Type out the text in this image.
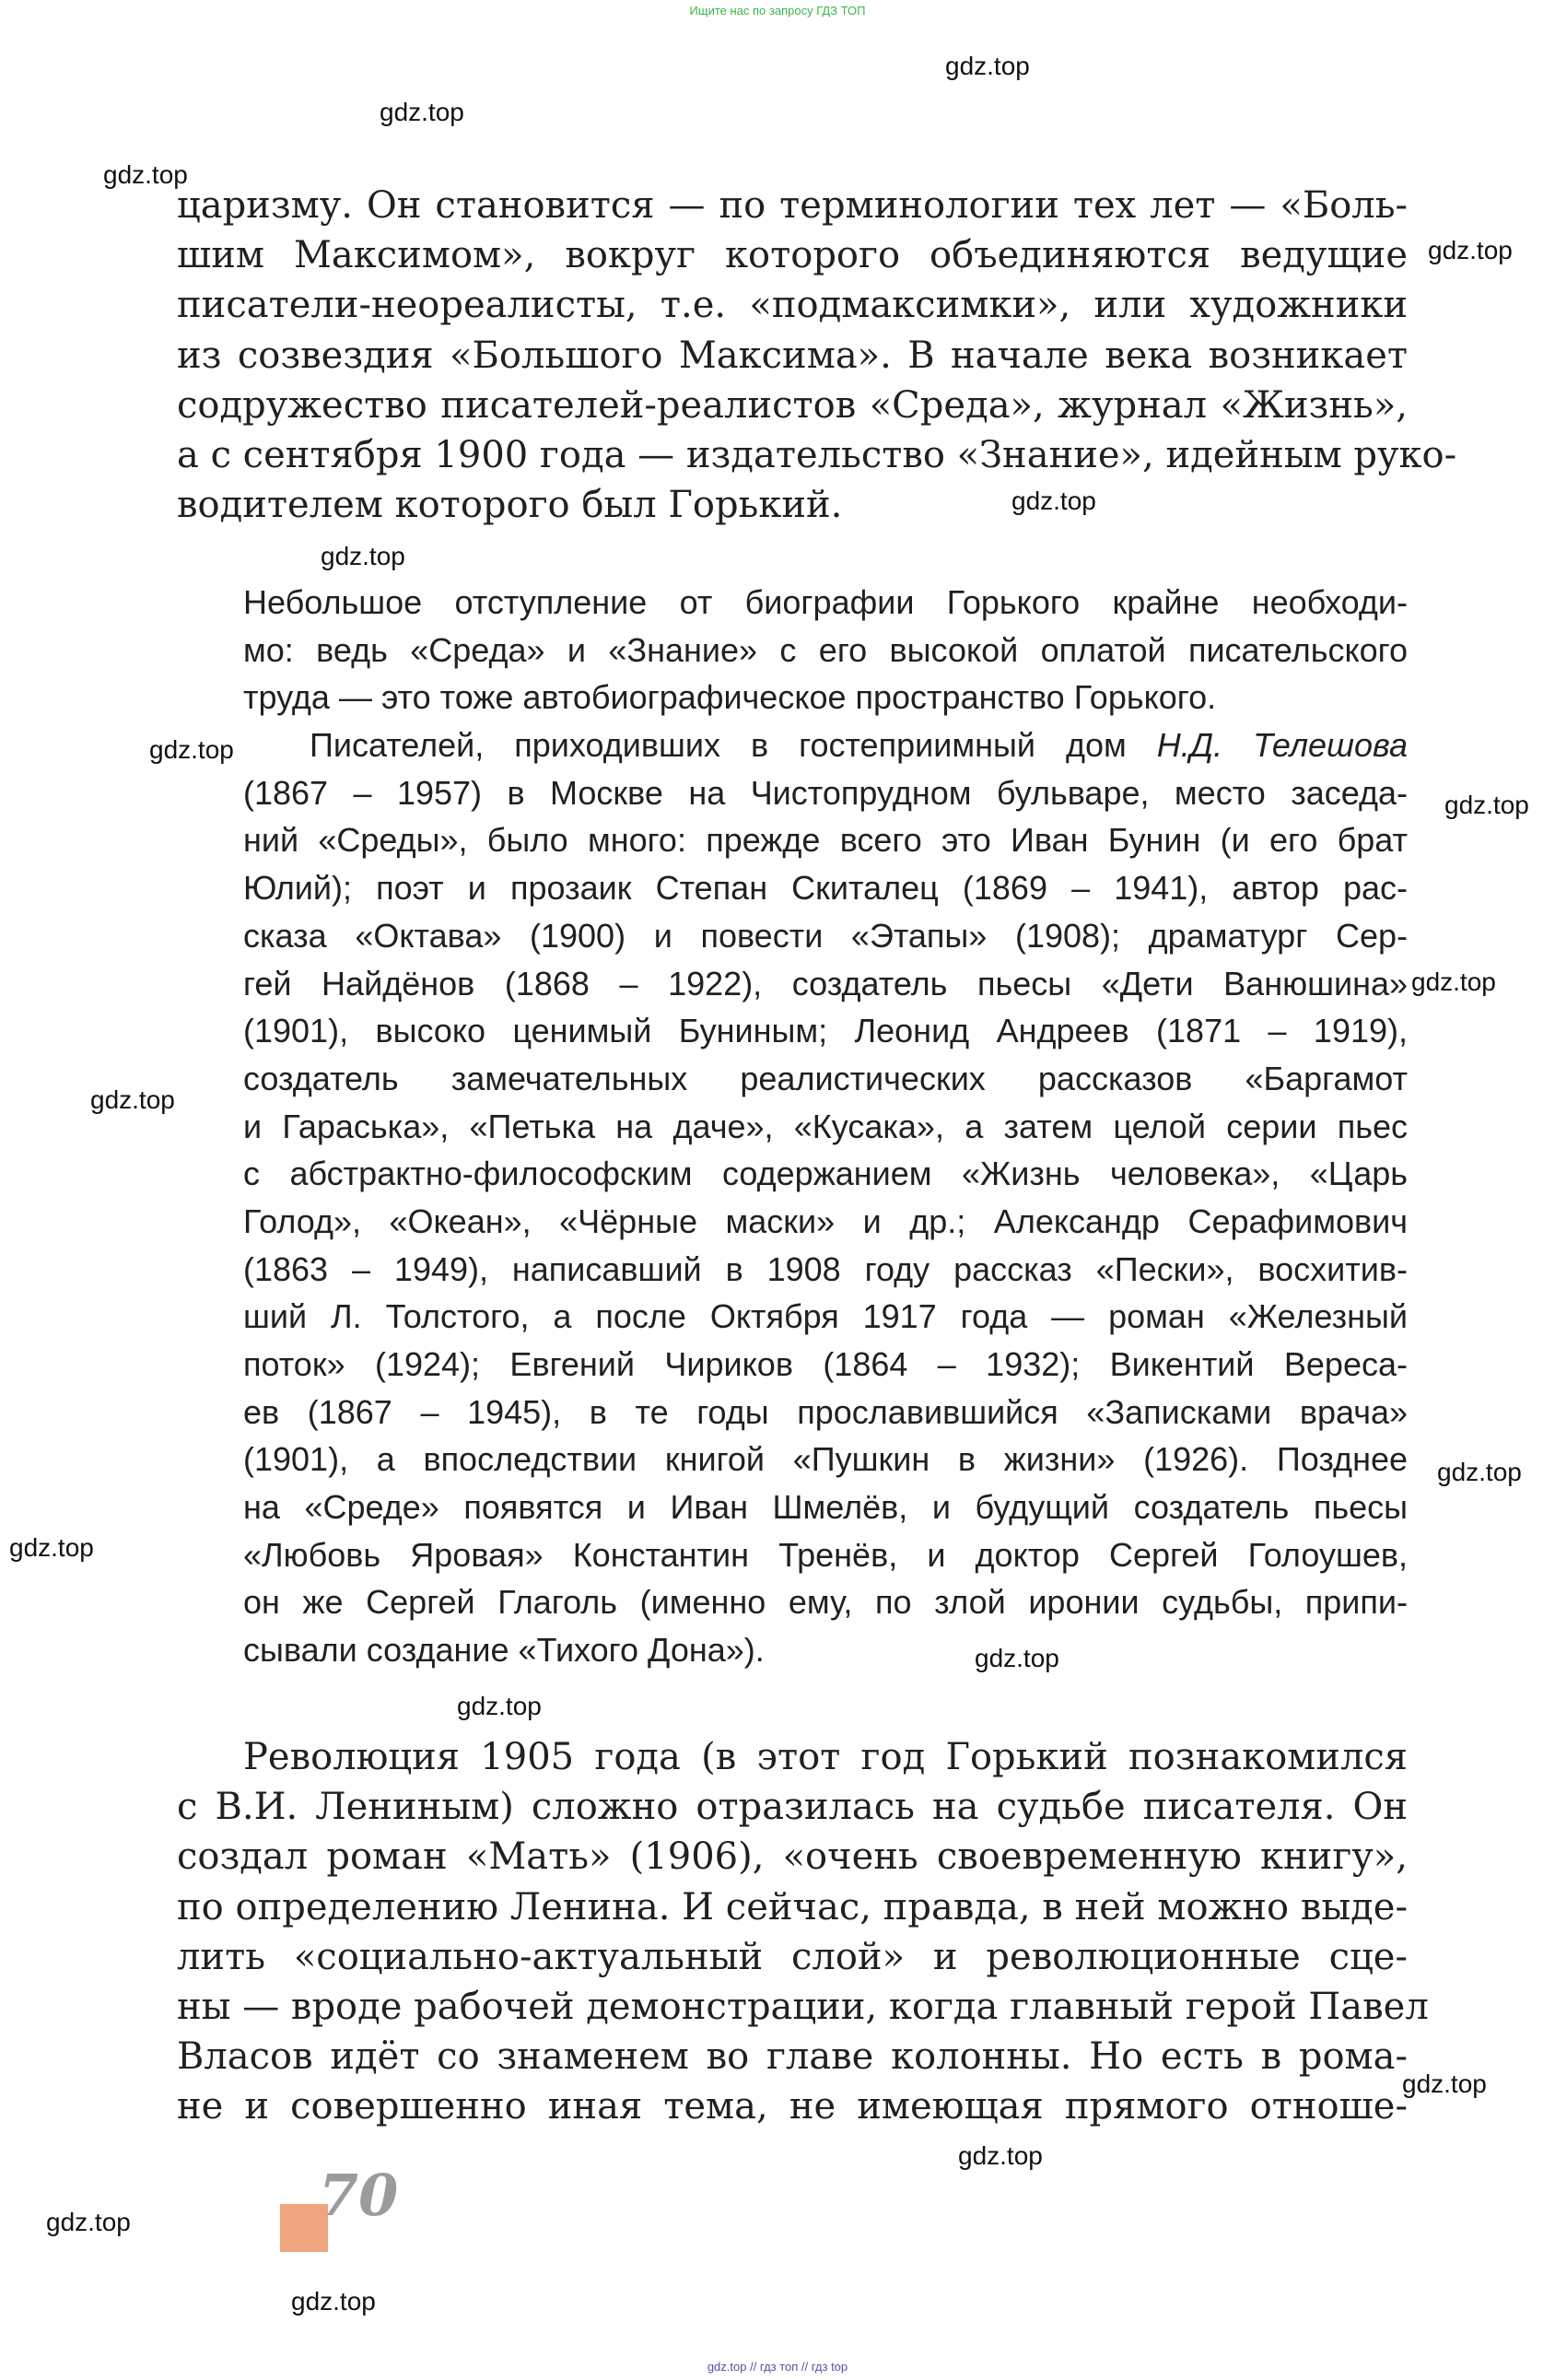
Ищите нас по запросу ГДЗ ТОП
gdz.top
gdz.top
gdz.top
gdz.top
gdz.top
gdz.top
gdz.top
gdz.top
gdz.top
gdz.top
gdz.top
gdz.top
gdz.top
gdz.top
gdz.top
gdz.top
gdz.top
gdz.top
царизму. Он становится — по терминологии тех лет — «Боль-
шим Максимом», вокруг которого объединяются ведущие
писатели-неореалисты, т.е. «подмаксимки», или художники
из созвездия «Большого Максима». В начале века возникает
содружество писателей-реалистов «Среда», журнал «Жизнь»,
а с сентября 1900 года — издательство «Знание», идейным руко-
водителем которого был Горький.
Небольшое отступление от биографии Горького крайне необходи-
мо: ведь «Среда» и «Знание» с его высокой оплатой писательского
труда — это тоже автобиографическое пространство Горького.
Писателей, приходивших в гостеприимный дом Н.Д. Телешова
(1867 – 1957) в Москве на Чистопрудном бульваре, место заседа-
ний «Среды», было много: прежде всего это Иван Бунин (и его брат
Юлий); поэт и прозаик Степан Скиталец (1869 – 1941), автор рас-
сказа «Октава» (1900) и повести «Этапы» (1908); драматург Сер-
гей Найдёнов (1868 – 1922), создатель пьесы «Дети Ванюшина»
(1901), высоко ценимый Буниным; Леонид Андреев (1871 – 1919),
создатель замечательных реалистических рассказов «Баргамот
и Гараська», «Петька на даче», «Кусака», а затем целой серии пьес
с абстрактно-философским содержанием «Жизнь человека», «Царь
Голод», «Океан», «Чёрные маски» и др.; Александр Серафимович
(1863 – 1949), написавший в 1908 году рассказ «Пески», восхитив-
ший Л. Толстого, а после Октября 1917 года — роман «Железный
поток» (1924); Евгений Чириков (1864 – 1932); Викентий Вереса-
ев (1867 – 1945), в те годы прославившийся «Записками врача»
(1901), а впоследствии книгой «Пушкин в жизни» (1926). Позднее
на «Среде» появятся и Иван Шмелёв, и будущий создатель пьесы
«Любовь Яровая» Константин Тренёв, и доктор Сергей Голоушев,
он же Сергей Глаголь (именно ему, по злой иронии судьбы, припи-
сывали создание «Тихого Дона»).
Революция 1905 года (в этот год Горький познакомился
с В.И. Лениным) сложно отразилась на судьбе писателя. Он
создал роман «Мать» (1906), «очень своевременную книгу»,
по определению Ленина. И сейчас, правда, в ней можно выде-
лить «социально-актуальный слой» и революционные сце-
ны — вроде рабочей демонстрации, когда главный герой Павел
Власов идёт со знаменем во главе колонны. Но есть в рома-
не и совершенно иная тема, не имеющая прямого отноше-
70
gdz.top // гдз топ // гдз top
